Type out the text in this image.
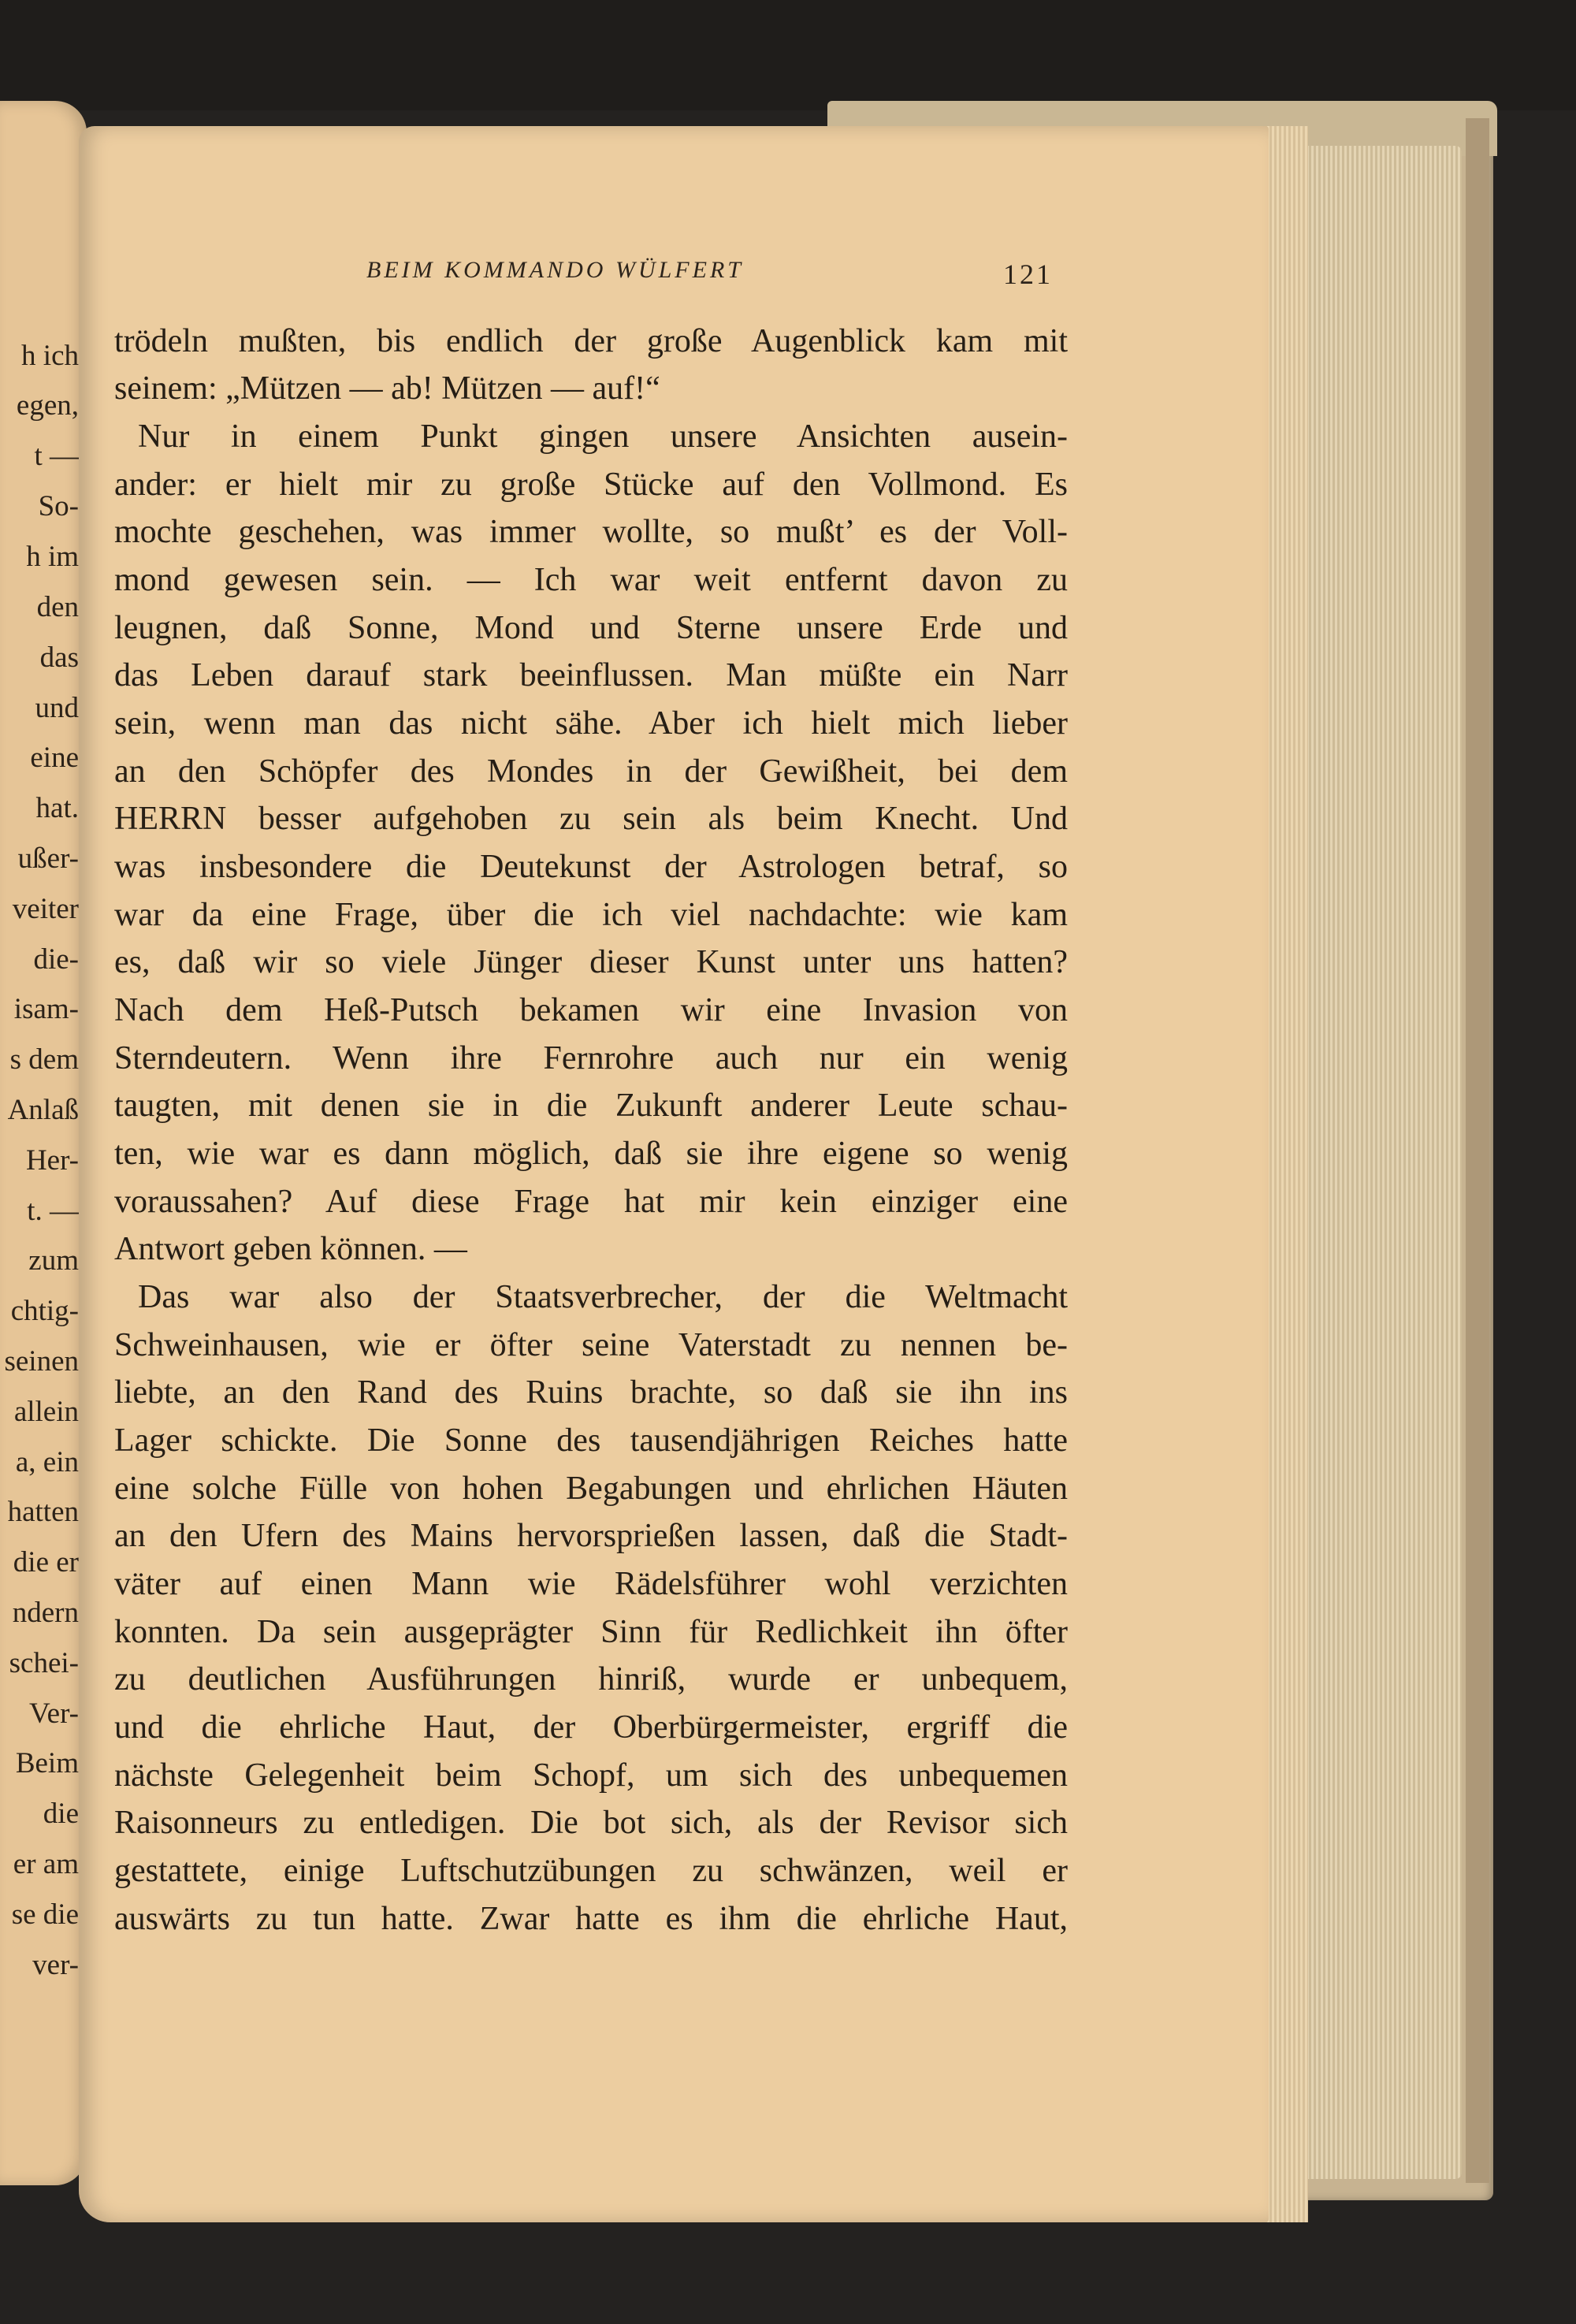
h ich
egen,
t —
So-
h im
den
das
und
eine
hat.
ußer-
veiter
die-
isam-
s dem
Anlaß
Her-
t. —
zum
chtig-
seinen
allein
a, ein
hatten
die er
ndern
schei-
Ver-
Beim
die
er am
se die
ver-
BEIM KOMMANDO WÜLFERT	121
trödeln mußten, bis endlich der große Augenblick kam mit
seinem: „Mützen — ab! Mützen — auf!“
Nur in einem Punkt gingen unsere Ansichten ausein-
ander: er hielt mir zu große Stücke auf den Vollmond. Es
mochte geschehen, was immer wollte, so mußt’ es der Voll-
mond gewesen sein. — Ich war weit entfernt davon zu
leugnen, daß Sonne, Mond und Sterne unsere Erde und
das Leben darauf stark beeinflussen. Man müßte ein Narr
sein, wenn man das nicht sähe. Aber ich hielt mich lieber
an den Schöpfer des Mondes in der Gewißheit, bei dem
HERRN besser aufgehoben zu sein als beim Knecht. Und
was insbesondere die Deutekunst der Astrologen betraf, so
war da eine Frage, über die ich viel nachdachte: wie kam
es, daß wir so viele Jünger dieser Kunst unter uns hatten?
Nach dem Heß-Putsch bekamen wir eine Invasion von
Sterndeutern. Wenn ihre Fernrohre auch nur ein wenig
taugten, mit denen sie in die Zukunft anderer Leute schau-
ten, wie war es dann möglich, daß sie ihre eigene so wenig
voraussahen? Auf diese Frage hat mir kein einziger eine
Antwort geben können. —
Das war also der Staatsverbrecher, der die Weltmacht
Schweinhausen, wie er öfter seine Vaterstadt zu nennen be-
liebte, an den Rand des Ruins brachte, so daß sie ihn ins
Lager schickte. Die Sonne des tausendjährigen Reiches hatte
eine solche Fülle von hohen Begabungen und ehrlichen Häuten
an den Ufern des Mains hervorsprießen lassen, daß die Stadt-
väter auf einen Mann wie Rädelsführer wohl verzichten
konnten. Da sein ausgeprägter Sinn für Redlichkeit ihn öfter
zu deutlichen Ausführungen hinriß, wurde er unbequem,
und die ehrliche Haut, der Oberbürgermeister, ergriff die
nächste Gelegenheit beim Schopf, um sich des unbequemen
Raisonneurs zu entledigen. Die bot sich, als der Revisor sich
gestattete, einige Luftschutzübungen zu schwänzen, weil er
auswärts zu tun hatte. Zwar hatte es ihm die ehrliche Haut,
